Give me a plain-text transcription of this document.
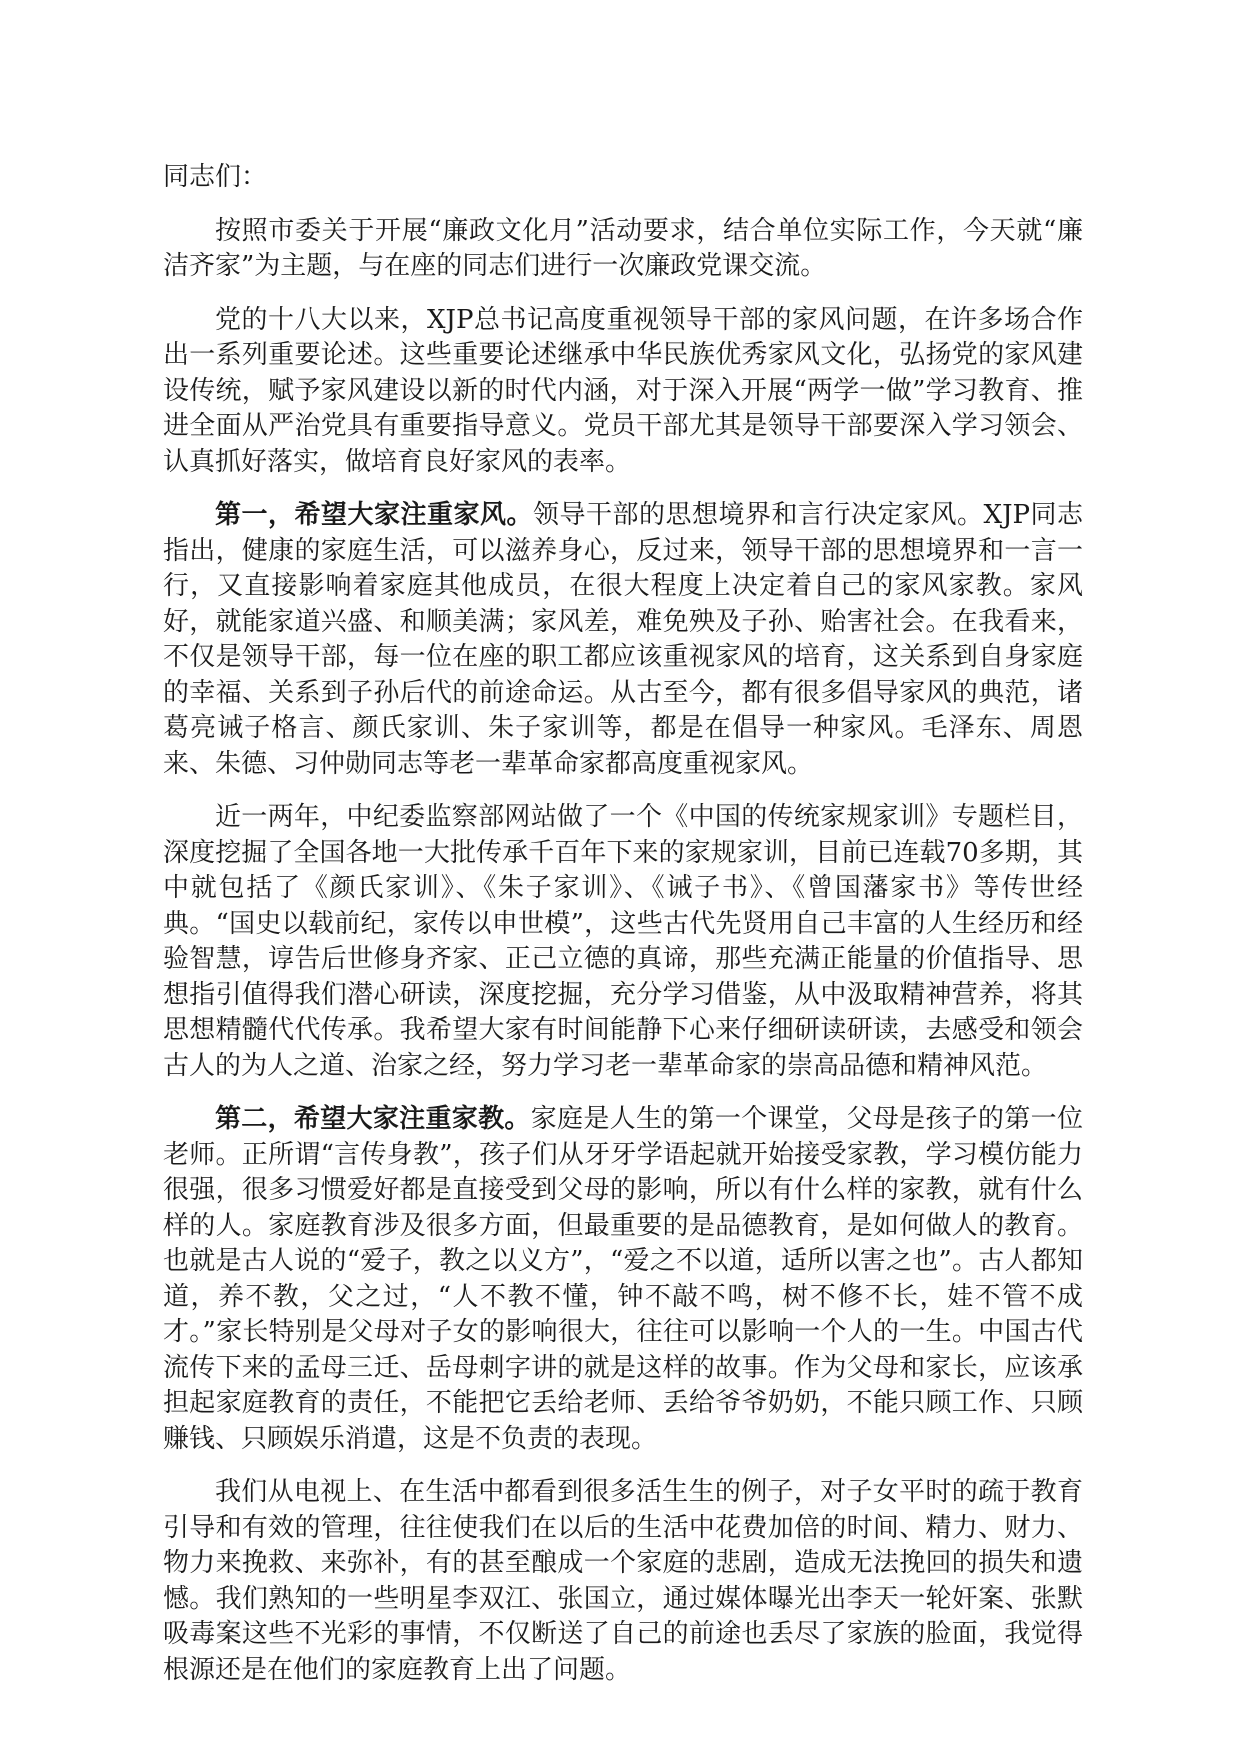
同志们：

按照市委关于开展“廉政文化月”活动要求，结合单位实际工作，今天就“廉洁齐家”为主题，与在座的同志们进行一次廉政党课交流。

党的十八大以来，XJP总书记高度重视领导干部的家风问题，在许多场合作出一系列重要论述。这些重要论述继承中华民族优秀家风文化，弘扬党的家风建设传统，赋予家风建设以新的时代内涵，对于深入开展“两学一做”学习教育、推进全面从严治党具有重要指导意义。党员干部尤其是领导干部要深入学习领会、认真抓好落实，做培育良好家风的表率。

第一，希望大家注重家风。领导干部的思想境界和言行决定家风。XJP同志指出，健康的家庭生活，可以滋养身心，反过来，领导干部的思想境界和一言一行，又直接影响着家庭其他成员，在很大程度上决定着自己的家风家教。家风好，就能家道兴盛、和顺美满；家风差，难免殃及子孙、贻害社会。在我看来，不仅是领导干部，每一位在座的职工都应该重视家风的培育，这关系到自身家庭的幸福、关系到子孙后代的前途命运。从古至今，都有很多倡导家风的典范，诸葛亮诫子格言、颜氏家训、朱子家训等，都是在倡导一种家风。毛泽东、周恩来、朱德、习仲勋同志等老一辈革命家都高度重视家风。

近一两年，中纪委监察部网站做了一个《中国的传统家规家训》专题栏目，深度挖掘了全国各地一大批传承千百年下来的家规家训，目前已连载70多期，其中就包括了《颜氏家训》、《朱子家训》、《诫子书》、《曾国藩家书》等传世经典。“国史以载前纪，家传以申世模”，这些古代先贤用自己丰富的人生经历和经验智慧，谆告后世修身齐家、正己立德的真谛，那些充满正能量的价值指导、思想指引值得我们潜心研读，深度挖掘，充分学习借鉴，从中汲取精神营养，将其思想精髓代代传承。我希望大家有时间能静下心来仔细研读研读，去感受和领会古人的为人之道、治家之经，努力学习老一辈革命家的崇高品德和精神风范。

第二，希望大家注重家教。家庭是人生的第一个课堂，父母是孩子的第一位老师。正所谓“言传身教”，孩子们从牙牙学语起就开始接受家教，学习模仿能力很强，很多习惯爱好都是直接受到父母的影响，所以有什么样的家教，就有什么样的人。家庭教育涉及很多方面，但最重要的是品德教育，是如何做人的教育。也就是古人说的“爱子，教之以义方”，“爱之不以道，适所以害之也”。古人都知道，养不教，父之过，“人不教不懂，钟不敲不鸣，树不修不长，娃不管不成才。”家长特别是父母对子女的影响很大，往往可以影响一个人的一生。中国古代流传下来的孟母三迁、岳母刺字讲的就是这样的故事。作为父母和家长，应该承担起家庭教育的责任，不能把它丢给老师、丢给爷爷奶奶，不能只顾工作、只顾赚钱、只顾娱乐消遣，这是不负责的表现。

我们从电视上、在生活中都看到很多活生生的例子，对子女平时的疏于教育引导和有效的管理，往往使我们在以后的生活中花费加倍的时间、精力、财力、物力来挽救、来弥补，有的甚至酿成一个家庭的悲剧，造成无法挽回的损失和遗憾。我们熟知的一些明星李双江、张国立，通过媒体曝光出李天一轮奸案、张默吸毒案这些不光彩的事情，不仅断送了自己的前途也丢尽了家族的脸面，我觉得根源还是在他们的家庭教育上出了问题。
